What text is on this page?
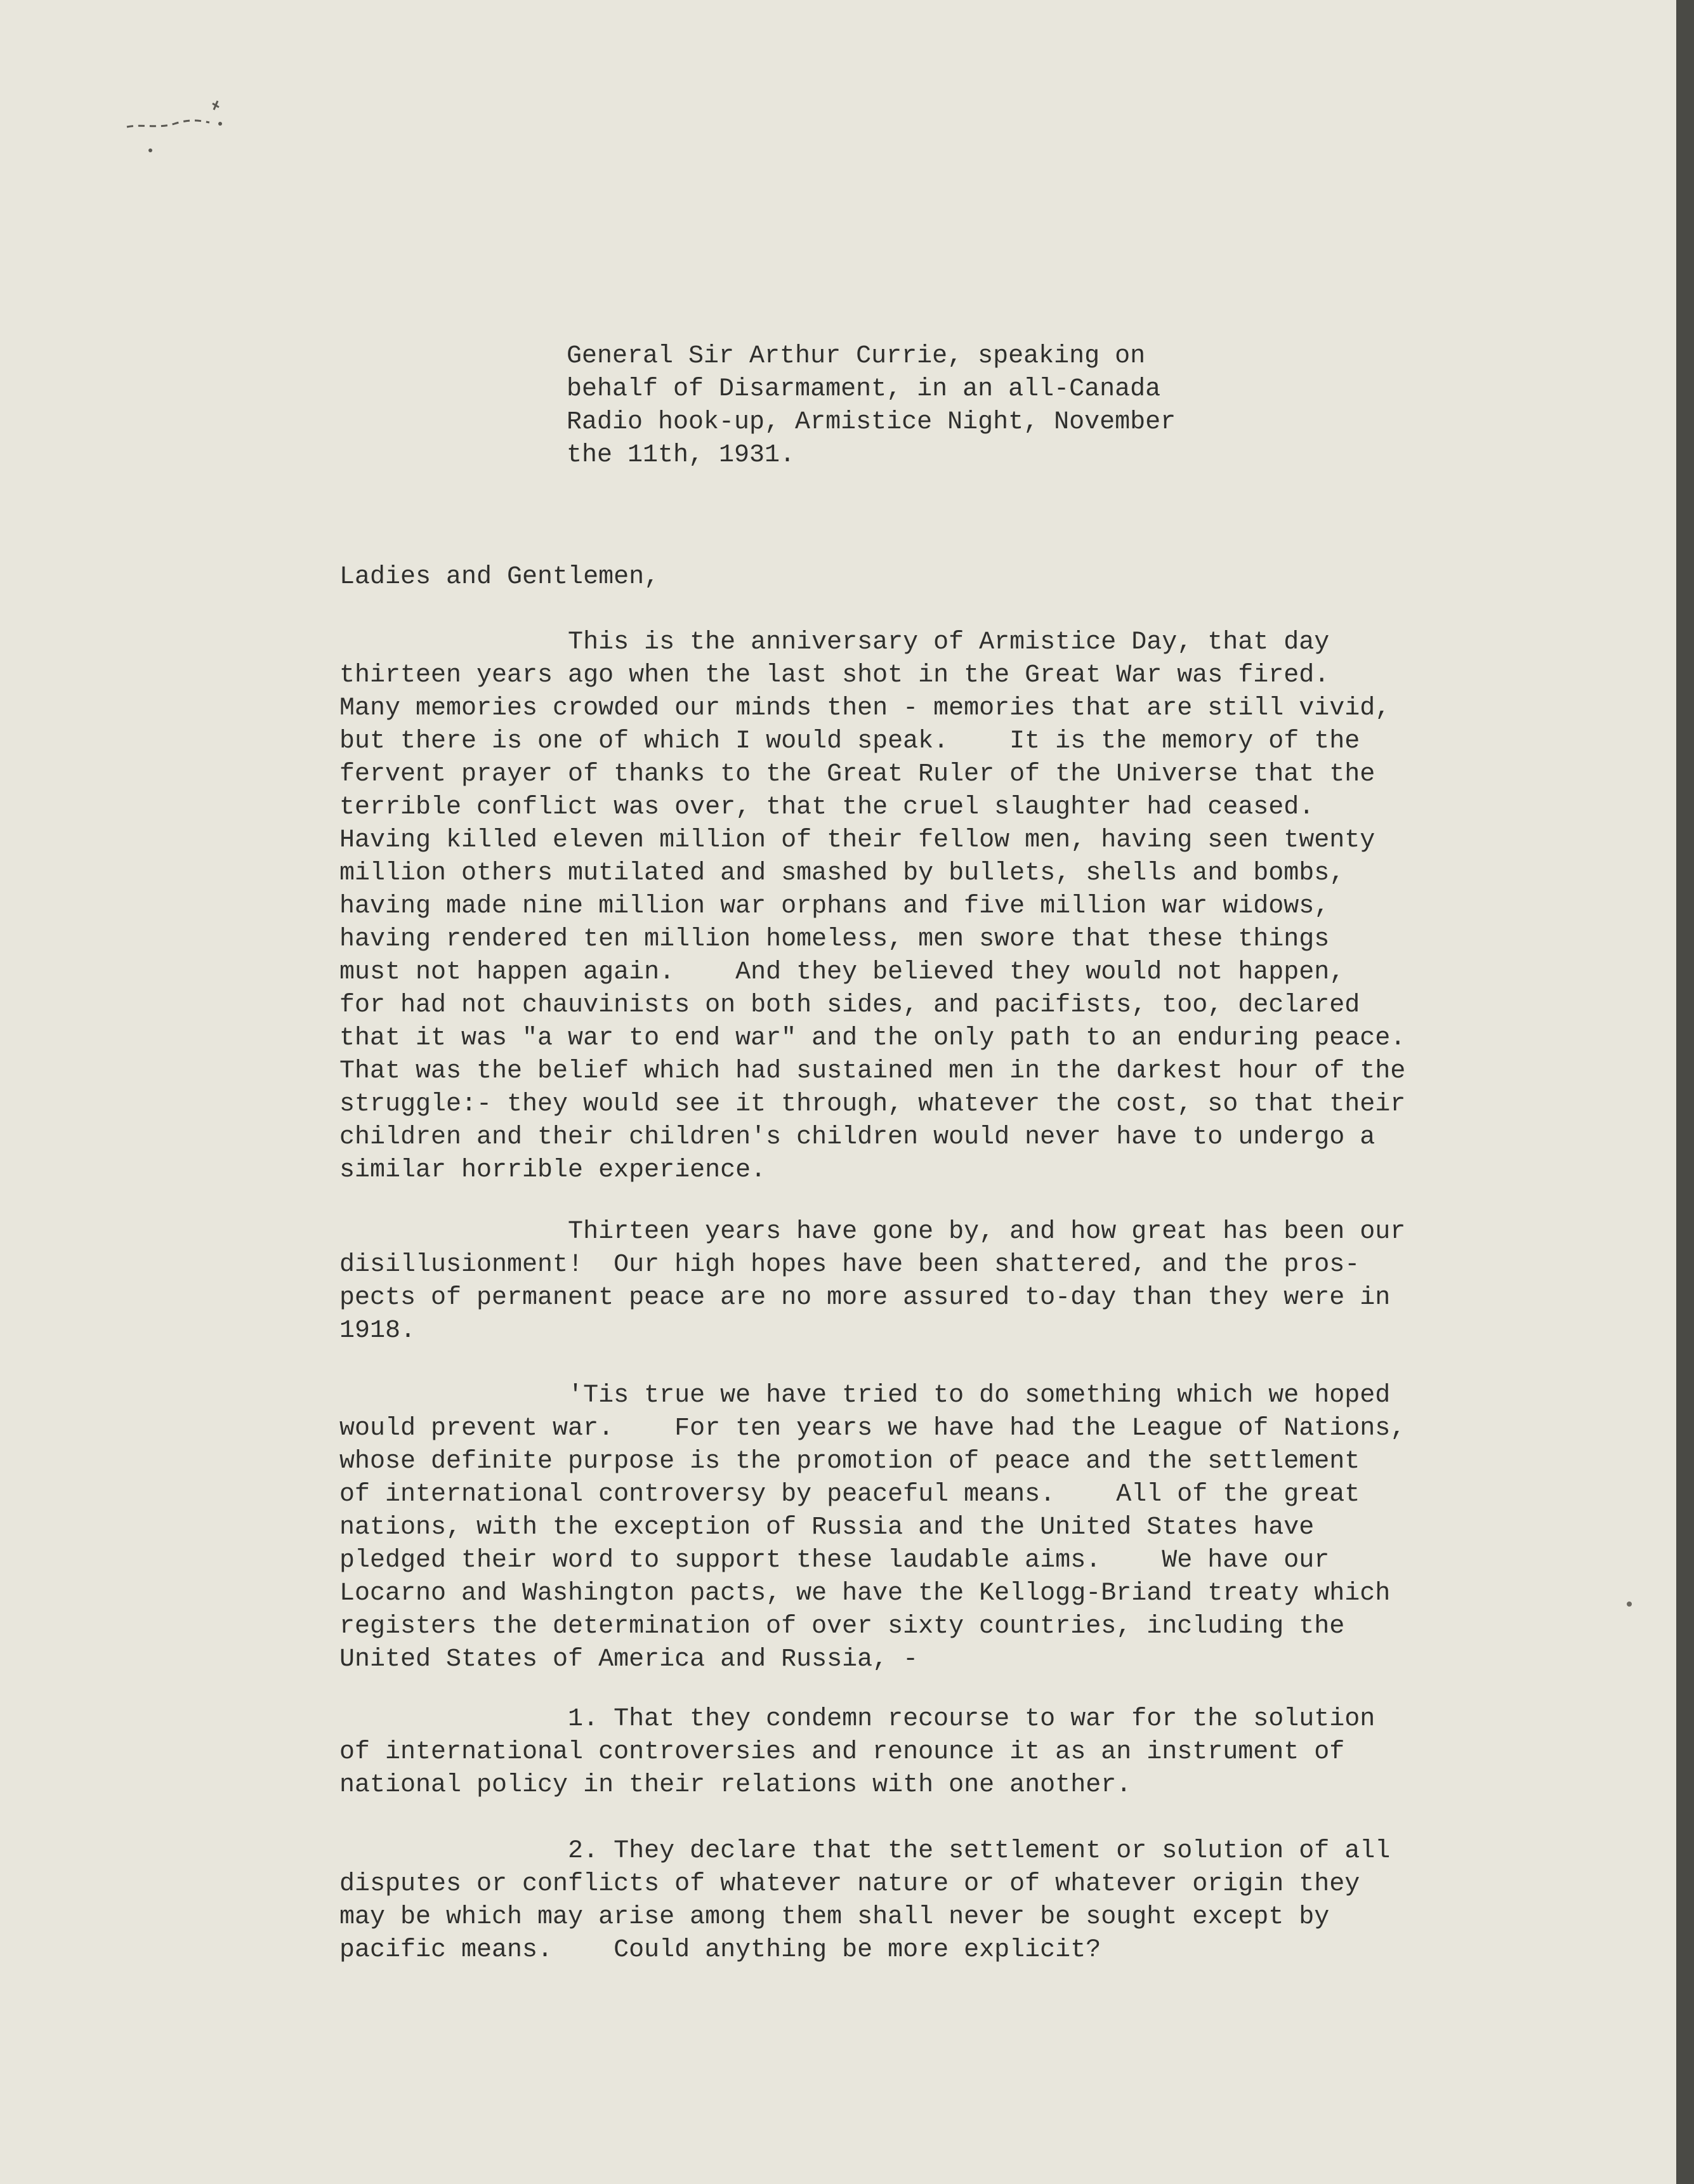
General Sir Arthur Currie, speaking on
behalf of Disarmament, in an all-Canada
Radio hook-up, Armistice Night, November
the 11th, 1931.
Ladies and Gentlemen,
This is the anniversary of Armistice Day, that day
thirteen years ago when the last shot in the Great War was fired.
Many memories crowded our minds then - memories that are still vivid,
but there is one of which I would speak.    It is the memory of the
fervent prayer of thanks to the Great Ruler of the Universe that the
terrible conflict was over, that the cruel slaughter had ceased.
Having killed eleven million of their fellow men, having seen twenty
million others mutilated and smashed by bullets, shells and bombs,
having made nine million war orphans and five million war widows,
having rendered ten million homeless, men swore that these things
must not happen again.    And they believed they would not happen,
for had not chauvinists on both sides, and pacifists, too, declared
that it was "a war to end war" and the only path to an enduring peace.
That was the belief which had sustained men in the darkest hour of the
struggle:- they would see it through, whatever the cost, so that their
children and their children's children would never have to undergo a
similar horrible experience.
Thirteen years have gone by, and how great has been our
disillusionment!  Our high hopes have been shattered, and the pros-
pects of permanent peace are no more assured to-day than they were in
1918.
'Tis true we have tried to do something which we hoped
would prevent war.    For ten years we have had the League of Nations,
whose definite purpose is the promotion of peace and the settlement
of international controversy by peaceful means.    All of the great
nations, with the exception of Russia and the United States have
pledged their word to support these laudable aims.    We have our
Locarno and Washington pacts, we have the Kellogg-Briand treaty which
registers the determination of over sixty countries, including the
United States of America and Russia, -
1. That they condemn recourse to war for the solution
of international controversies and renounce it as an instrument of
national policy in their relations with one another.
2. They declare that the settlement or solution of all
disputes or conflicts of whatever nature or of whatever origin they
may be which may arise among them shall never be sought except by
pacific means.    Could anything be more explicit?
